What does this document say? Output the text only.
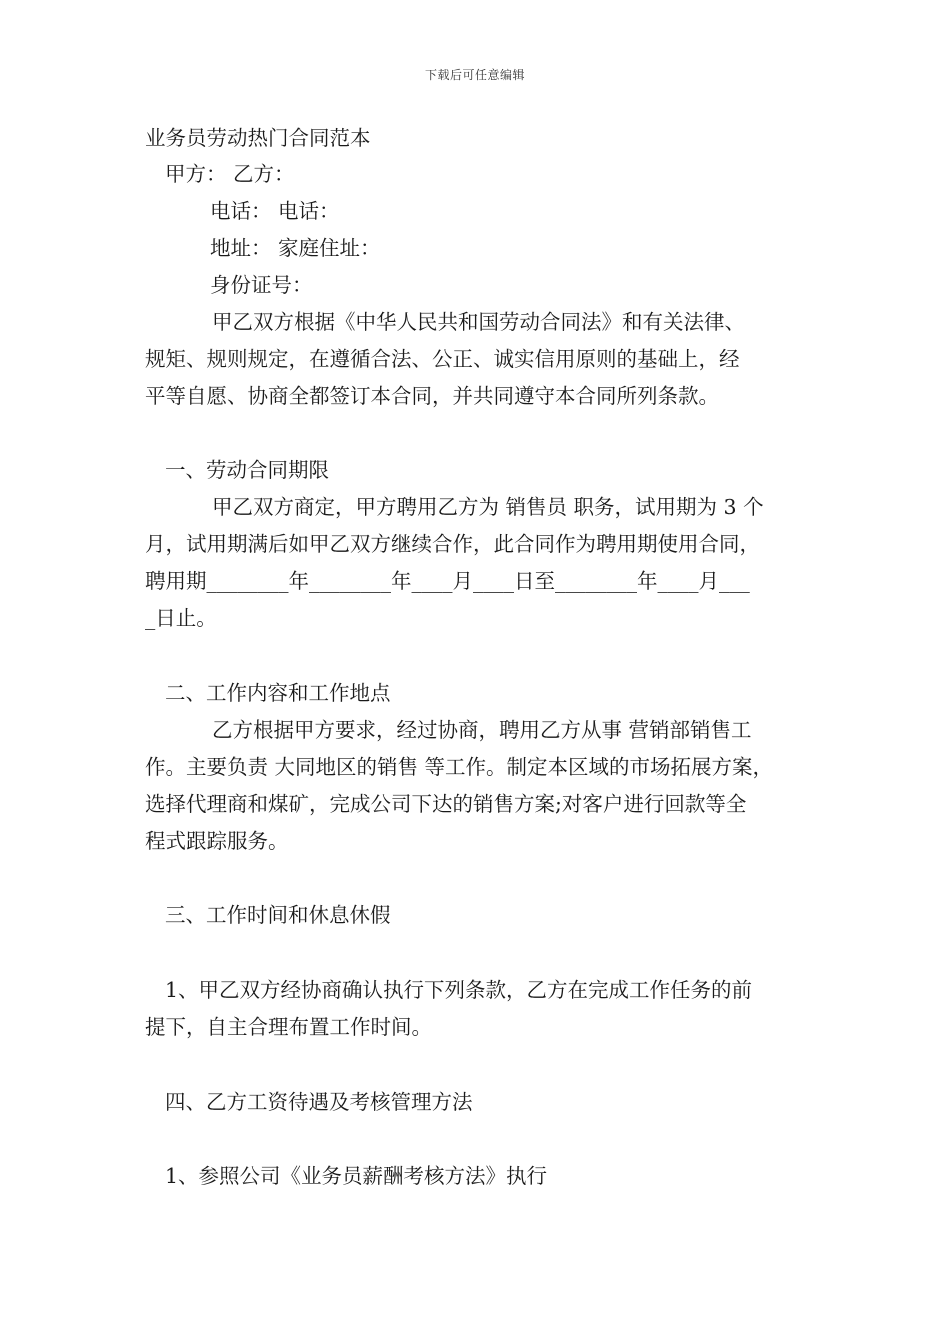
下载后可任意编辑
业务员劳动热门合同范本
甲方： 乙方：
电话： 电话：
地址： 家庭住址：
身份证号：
甲乙双方根据《中华人民共和国劳动合同法》和有关法律、
规矩、规则规定，在遵循合法、公正、诚实信用原则的基础上，经
平等自愿、协商全都签订本合同，并共同遵守本合同所列条款。
一、劳动合同期限
甲乙双方商定，甲方聘用乙方为 销售员 职务，试用期为 3 个
月，试用期满后如甲乙双方继续合作，此合同作为聘用期使用合同，
聘用期________年________年____月____日至________年____月___
_日止。
二、工作内容和工作地点
乙方根据甲方要求，经过协商，聘用乙方从事 营销部销售工
作。主要负责 大同地区的销售 等工作。制定本区域的市场拓展方案，
选择代理商和煤矿，完成公司下达的销售方案;对客户进行回款等全
程式跟踪服务。
三、工作时间和休息休假
1、甲乙双方经协商确认执行下列条款，乙方在完成工作任务的前
提下，自主合理布置工作时间。
四、乙方工资待遇及考核管理方法
1、参照公司《业务员薪酬考核方法》执行
